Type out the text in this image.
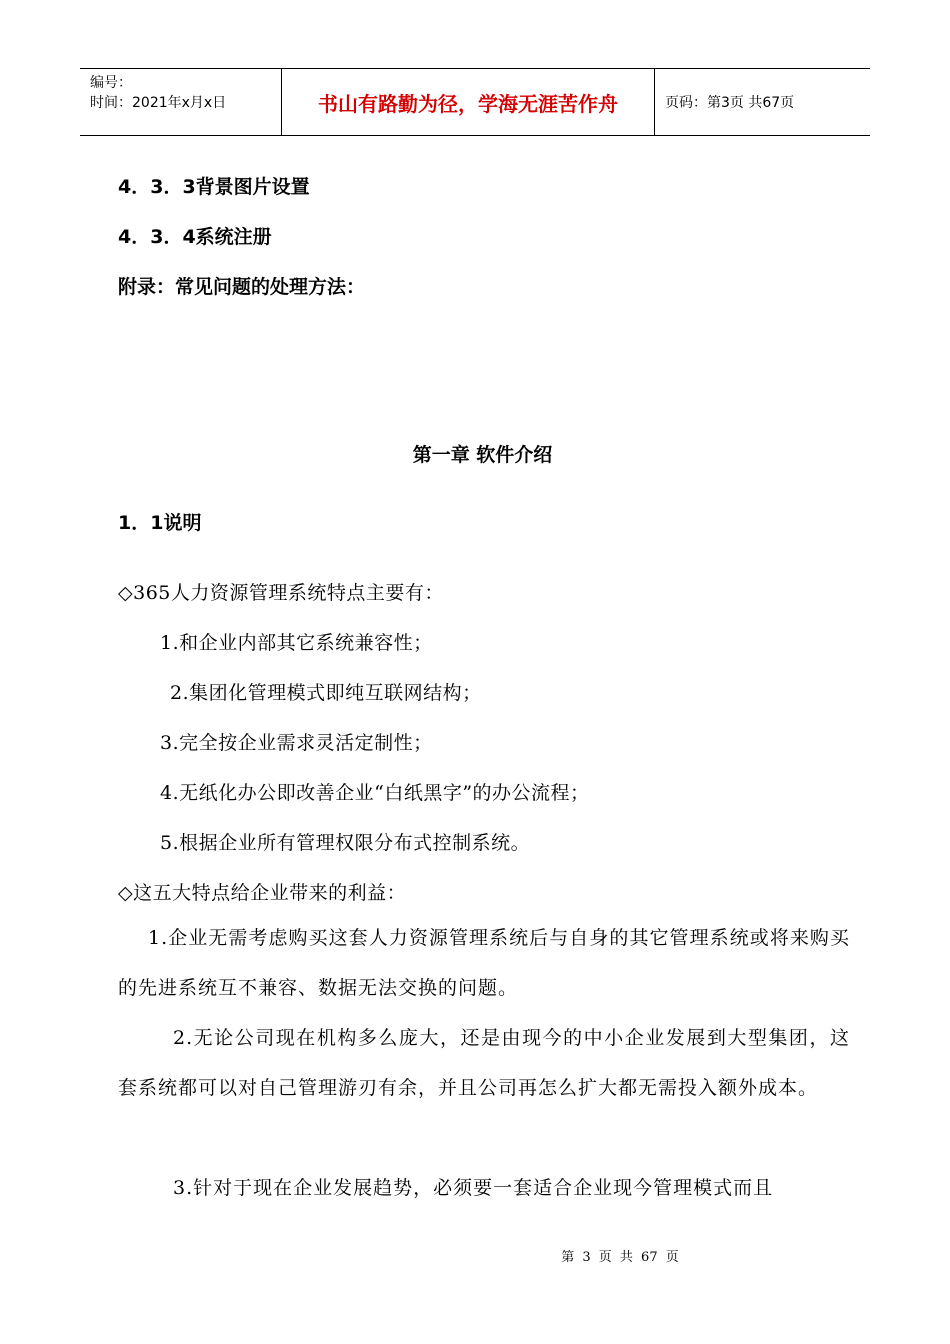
编号：
时间：2021年x月x日	书山有路勤为径，学海无涯苦作舟	页码：第3页 共67页
4．3．3背景图片设置
4．3．4系统注册
附录：常见问题的处理方法：
第一章 软件介绍
1．1说明
◇365人力资源管理系统特点主要有：
1.和企业内部其它系统兼容性；
2.集团化管理模式即纯互联网结构；
3.完全按企业需求灵活定制性；
4.无纸化办公即改善企业“白纸黑字”的办公流程；
5.根据企业所有管理权限分布式控制系统。
◇这五大特点给企业带来的利益：
1.企业无需考虑购买这套人力资源管理系统后与自身的其它管理系统或将来购买的先进系统互不兼容、数据无法交换的问题。
2.无论公司现在机构多么庞大，还是由现今的中小企业发展到大型集团，这套系统都可以对自己管理游刃有余，并且公司再怎么扩大都无需投入额外成本。
3.针对于现在企业发展趋势，必须要一套适合企业现今管理模式而且
第 3 页 共 67 页
